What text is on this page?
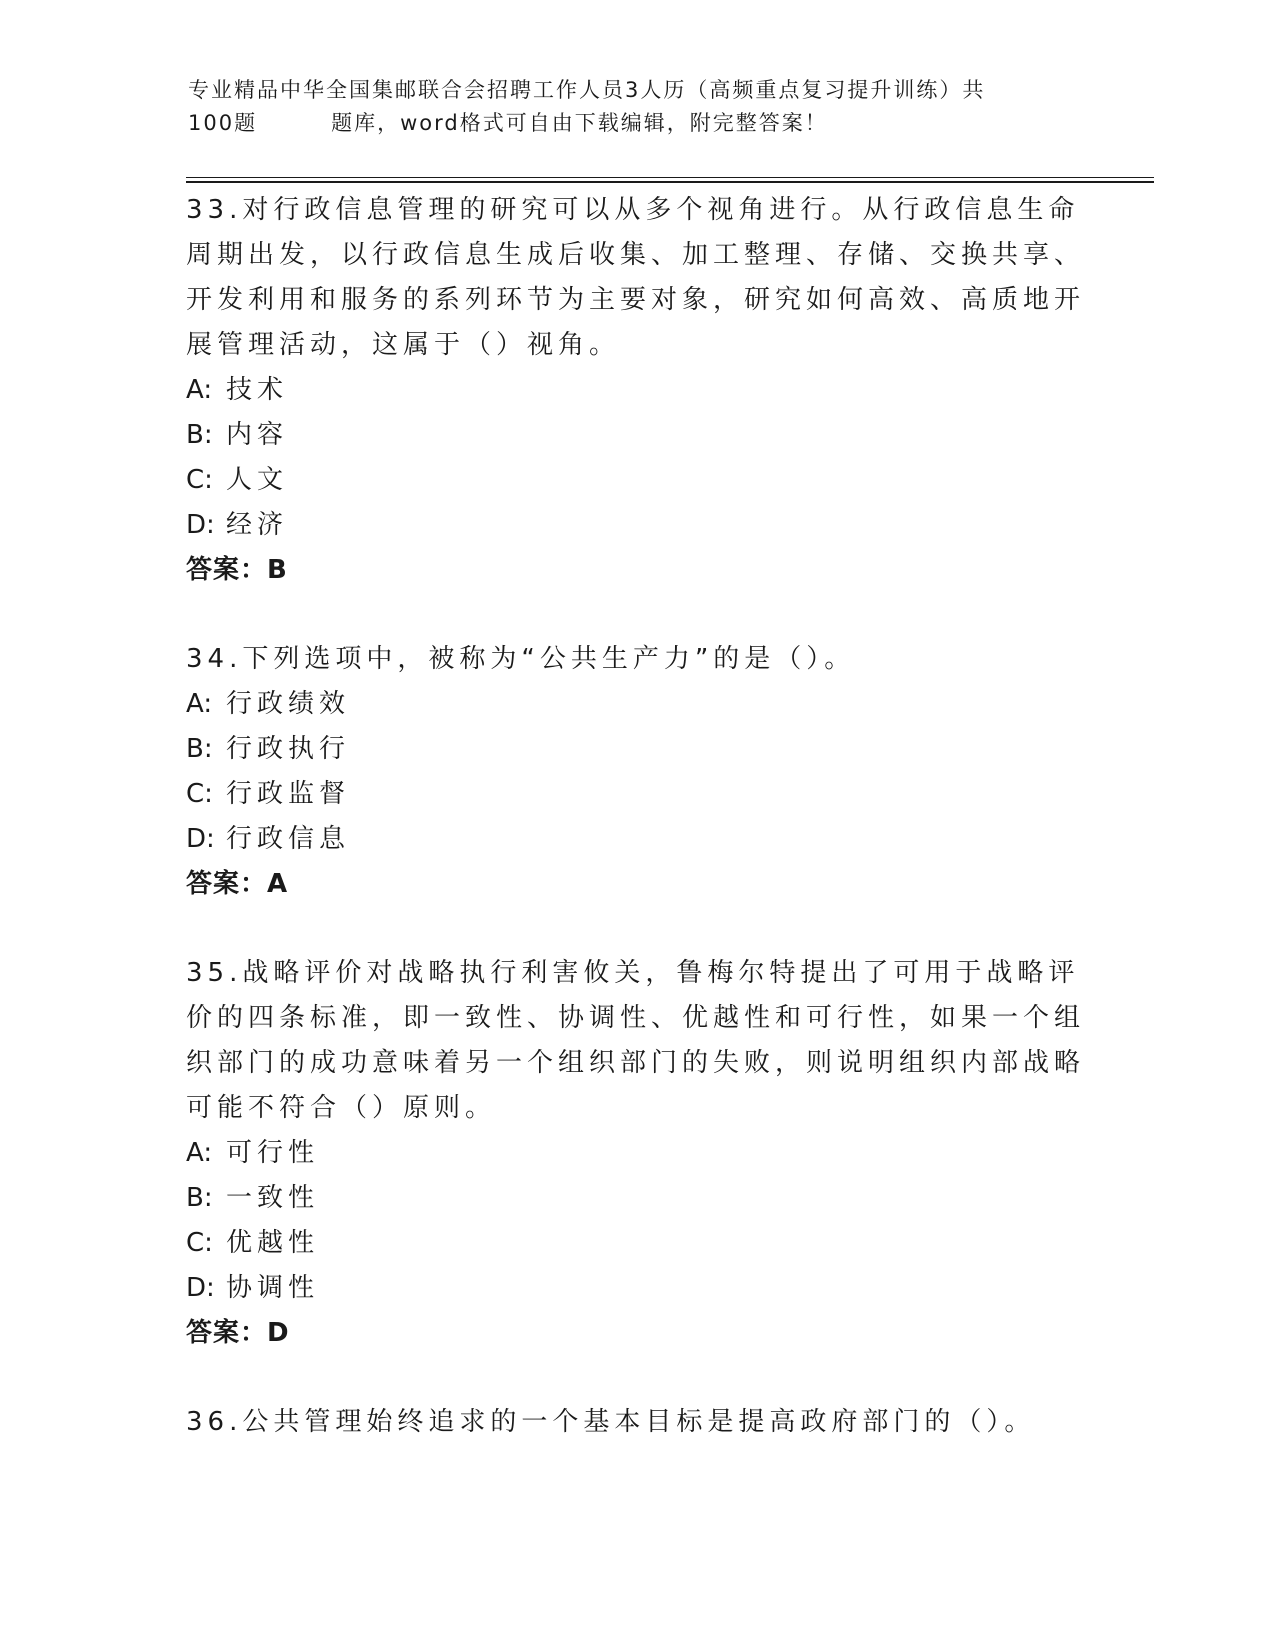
专业精品中华全国集邮联合会招聘工作人员3人历（高频重点复习提升训练）共
100题	题库，word格式可自由下载编辑，附完整答案！

33.对行政信息管理的研究可以从多个视角进行。从行政信息生命周期出发，以行政信息生成后收集、加工整理、存储、交换共享、开发利用和服务的系列环节为主要对象，研究如何高效、高质地开展管理活动，这属于（）视角。

A: 技术

B: 内容

C: 人文

D: 经济

答案：B

34.下列选项中，被称为“公共生产力”的是（）。

A: 行政绩效

B: 行政执行

C: 行政监督

D: 行政信息

答案：A

35.战略评价对战略执行利害攸关，鲁梅尔特提出了可用于战略评价的四条标准，即一致性、协调性、优越性和可行性，如果一个组织部门的成功意味着另一个组织部门的失败，则说明组织内部战略可能不符合（）原则。

A: 可行性

B: 一致性

C: 优越性

D: 协调性

答案：D

36.公共管理始终追求的一个基本目标是提高政府部门的（）。
